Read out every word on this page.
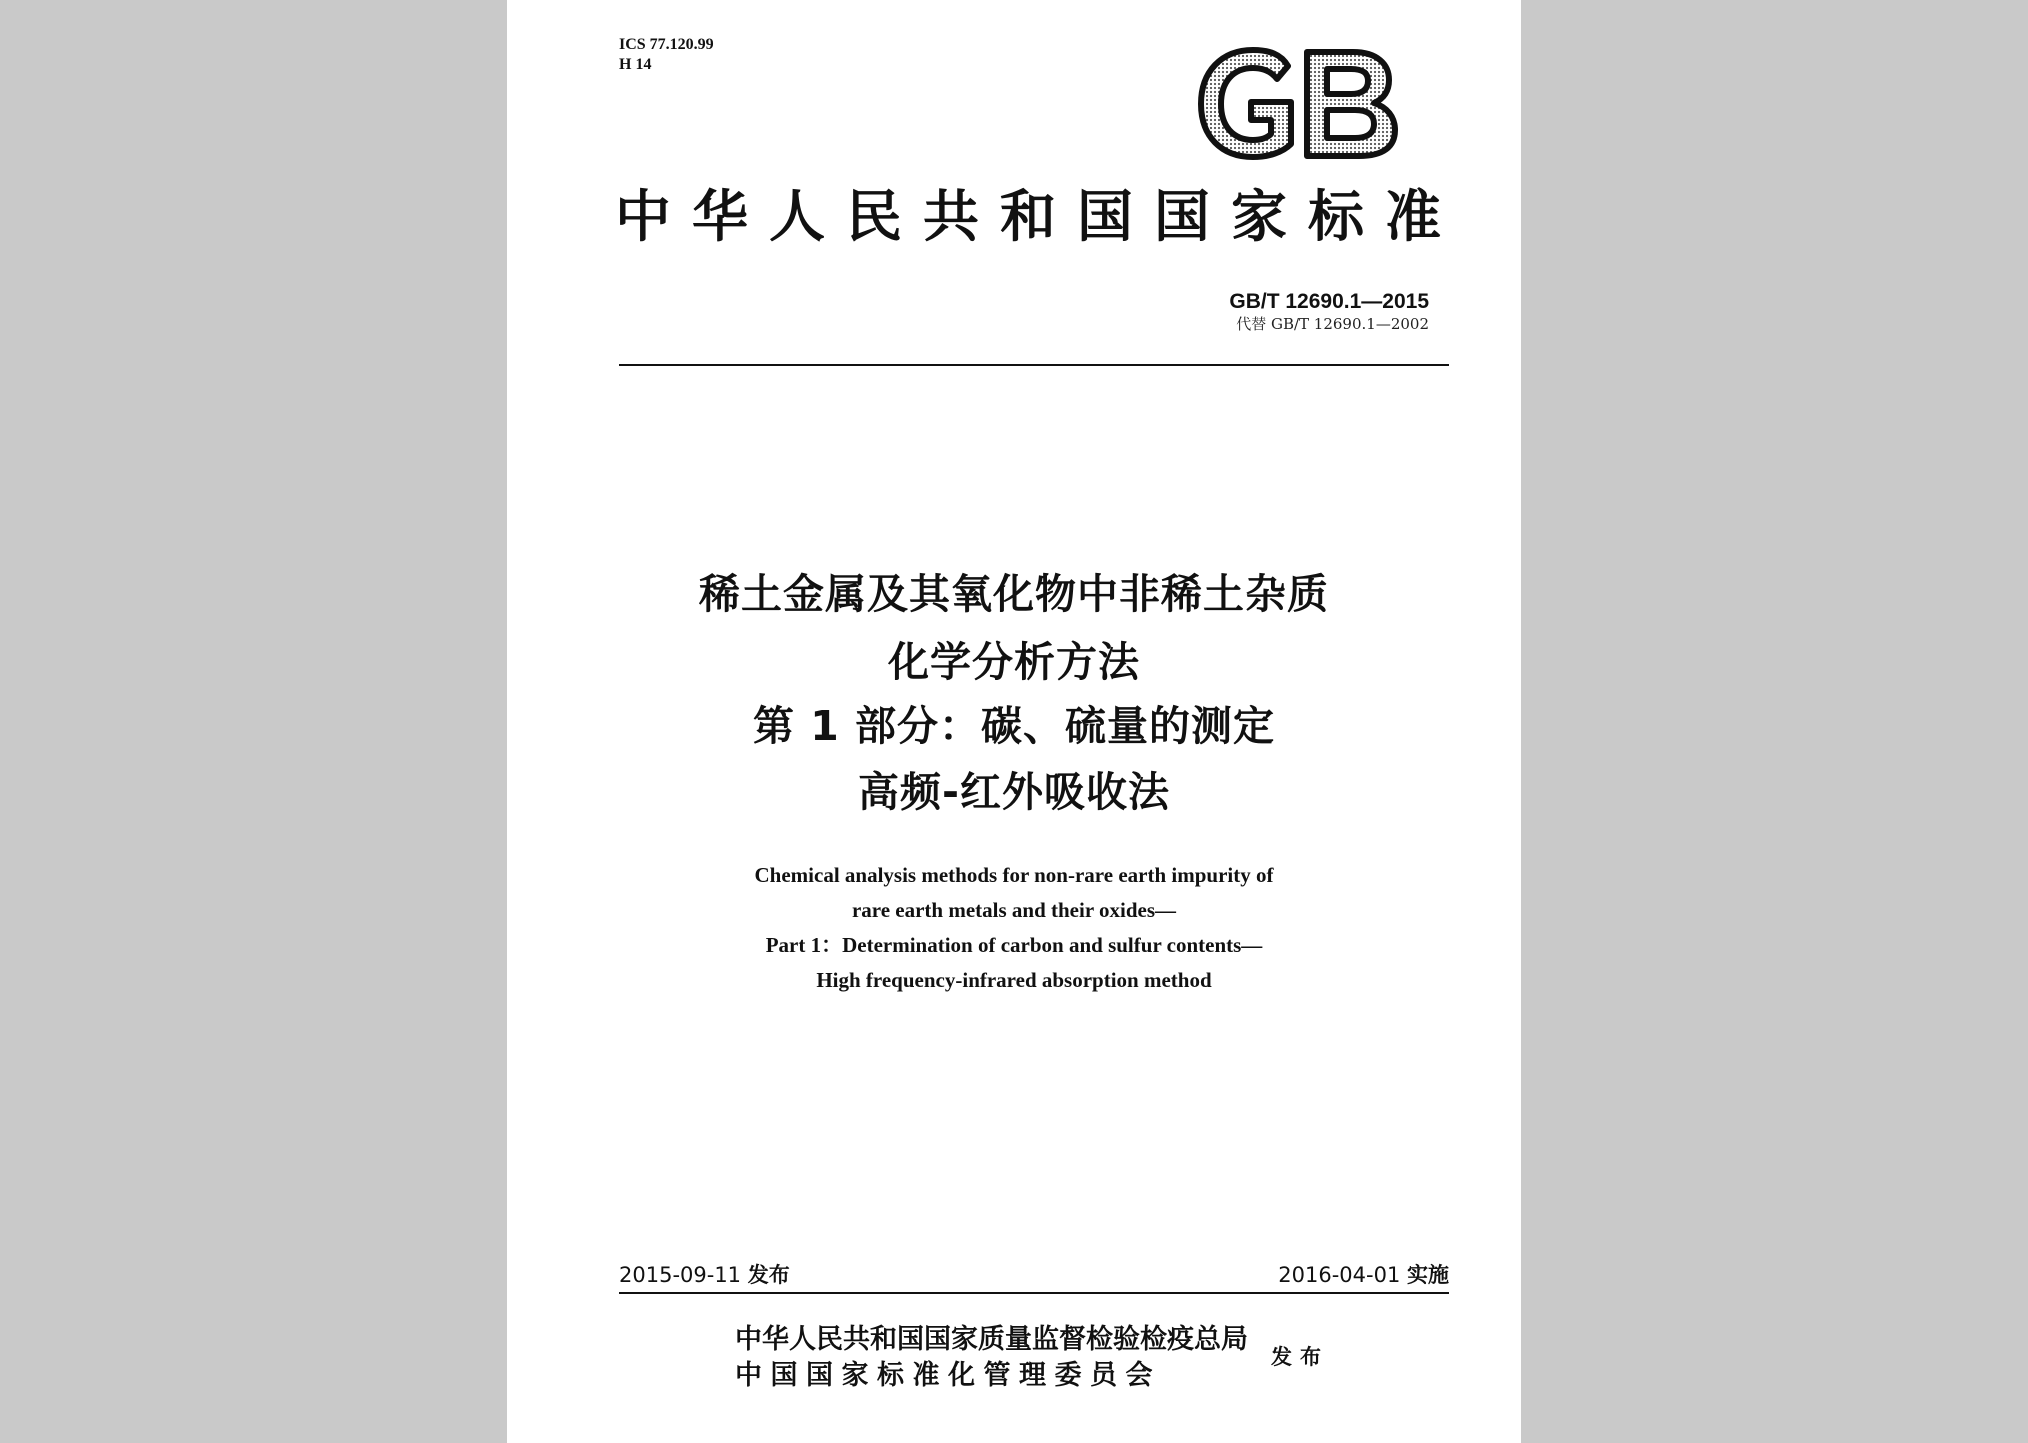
ICS 77.120.99
H 14
中华人民共和国国家标准
GB/T 12690.1—2015
代替 GB/T 12690.1—2002
稀土金属及其氧化物中非稀土杂质
化学分析方法
第 1 部分：碳、硫量的测定
高频-红外吸收法
Chemical analysis methods for non-rare earth impurity of
rare earth metals and their oxides—
Part 1：Determination of carbon and sulfur contents—
High frequency-infrared absorption method
2015-09-11 发布	2016-04-01 实施
中华人民共和国国家质量监督检验检疫总局
中国国家标准化管理委员会
发布
